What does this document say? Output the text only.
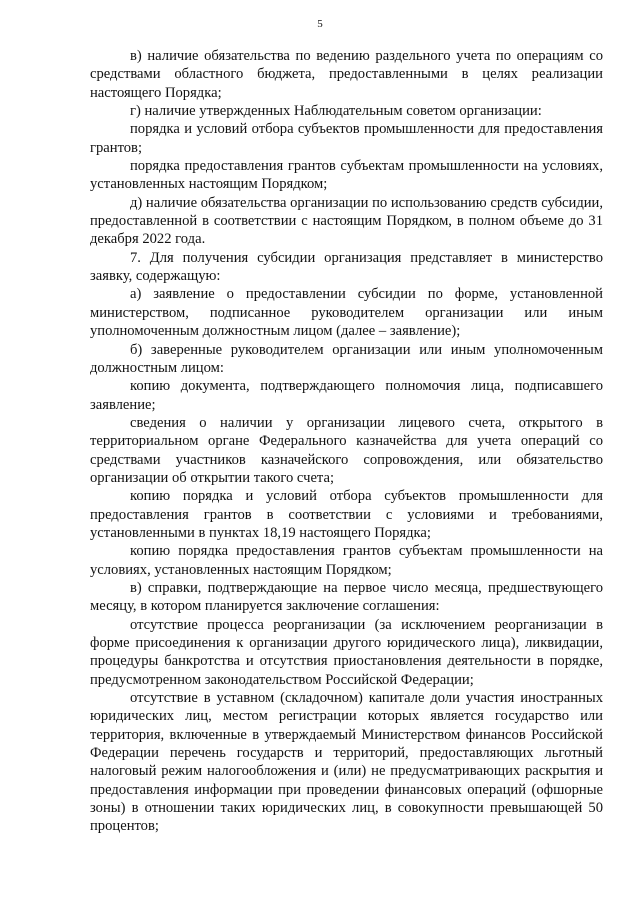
5

в) наличие обязательства по ведению раздельного учета по операциям со средствами областного бюджета, предоставленными в целях реализации настоящего Порядка;

г) наличие утвержденных Наблюдательным советом организации:

порядка и условий отбора субъектов промышленности для предоставления грантов;

порядка предоставления грантов субъектам промышленности на условиях, установленных настоящим Порядком;

д) наличие обязательства организации по использованию средств субсидии, предоставленной в соответствии с настоящим Порядком, в полном объеме до 31 декабря 2022 года.

7. Для получения субсидии организация представляет в министерство заявку, содержащую:

а) заявление о предоставлении субсидии по форме, установленной министерством, подписанное руководителем организации или иным уполномоченным должностным лицом (далее – заявление);

б) заверенные руководителем организации или иным уполномоченным должностным лицом:

копию документа, подтверждающего полномочия лица, подписавшего заявление;

сведения о наличии у организации лицевого счета, открытого в территориальном органе Федерального казначейства для учета операций со средствами участников казначейского сопровождения, или обязательство организации об открытии такого счета;

копию порядка и условий отбора субъектов промышленности для предоставления грантов в соответствии с условиями и требованиями, установленными в пунктах 18,19 настоящего Порядка;

копию порядка предоставления грантов субъектам промышленности на условиях, установленных настоящим Порядком;

в) справки, подтверждающие на первое число месяца, предшествующего месяцу, в котором планируется заключение соглашения:

отсутствие процесса реорганизации (за исключением реорганизации в форме присоединения к организации другого юридического лица), ликвидации, процедуры банкротства и отсутствия приостановления деятельности в порядке, предусмотренном законодательством Российской Федерации;

отсутствие в уставном (складочном) капитале доли участия иностранных юридических лиц, местом регистрации которых является государство или территория, включенные в утверждаемый Министерством финансов Российской Федерации перечень государств и территорий, предоставляющих льготный налоговый режим налогообложения и (или) не предусматривающих раскрытия и предоставления информации при проведении финансовых операций (офшорные зоны) в отношении таких юридических лиц, в совокупности превышающей 50 процентов;
